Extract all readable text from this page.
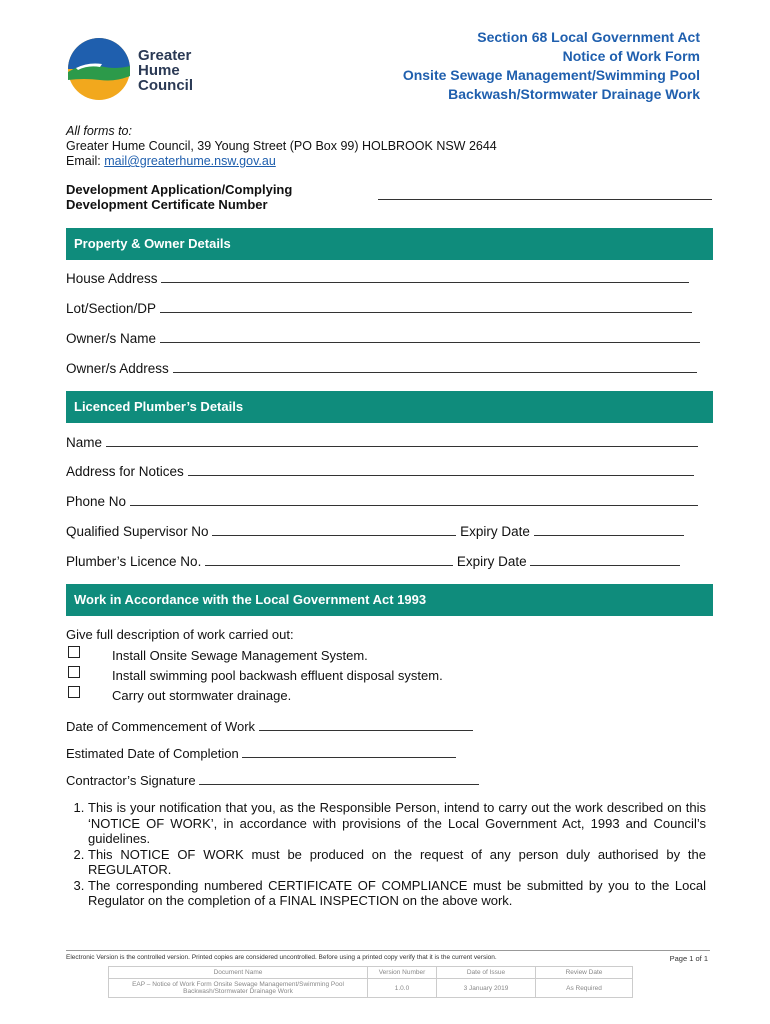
Greater
Hume
Council
Section 68 Local Government Act
Notice of Work Form
Onsite Sewage Management/Swimming Pool
Backwash/Stormwater Drainage Work
All forms to:
Greater Hume Council, 39 Young Street (PO Box 99) HOLBROOK NSW 2644
Email: mail@greaterhume.nsw.gov.au
Development Application/Complying
Development Certificate Number
Property & Owner Details
House Address
Lot/Section/DP
Owner/s Name
Owner/s Address
Licenced Plumber’s Details
Name
Address for Notices
Phone No
Qualified Supervisor No	Expiry Date
Plumber’s Licence No.	Expiry Date
Work in Accordance with the Local Government Act 1993
Give full description of work carried out:
Install Onsite Sewage Management System.
Install swimming pool backwash effluent disposal system.
Carry out stormwater drainage.
Date of Commencement of Work
Estimated Date of Completion
Contractor’s Signature
1. This is your notification that you, as the Responsible Person, intend to carry out the work described on this ‘NOTICE OF WORK’, in accordance with provisions of the Local Government Act, 1993 and Council’s guidelines.
2. This NOTICE OF WORK must be produced on the request of any person duly authorised by the REGULATOR.
3. The corresponding numbered CERTIFICATE OF COMPLIANCE must be submitted by you to the Local Regulator on the completion of a FINAL INSPECTION on the above work.
Electronic Version is the controlled version. Printed copies are considered uncontrolled. Before using a printed copy verify that it is the current version.	Page 1 of 1
Document Name	Version Number	Date of Issue	Review Date
EAP – Notice of Work Form Onsite Sewage Management/Swimming Pool Backwash/Stormwater Drainage Work	1.0.0	3 January 2019	As Required
